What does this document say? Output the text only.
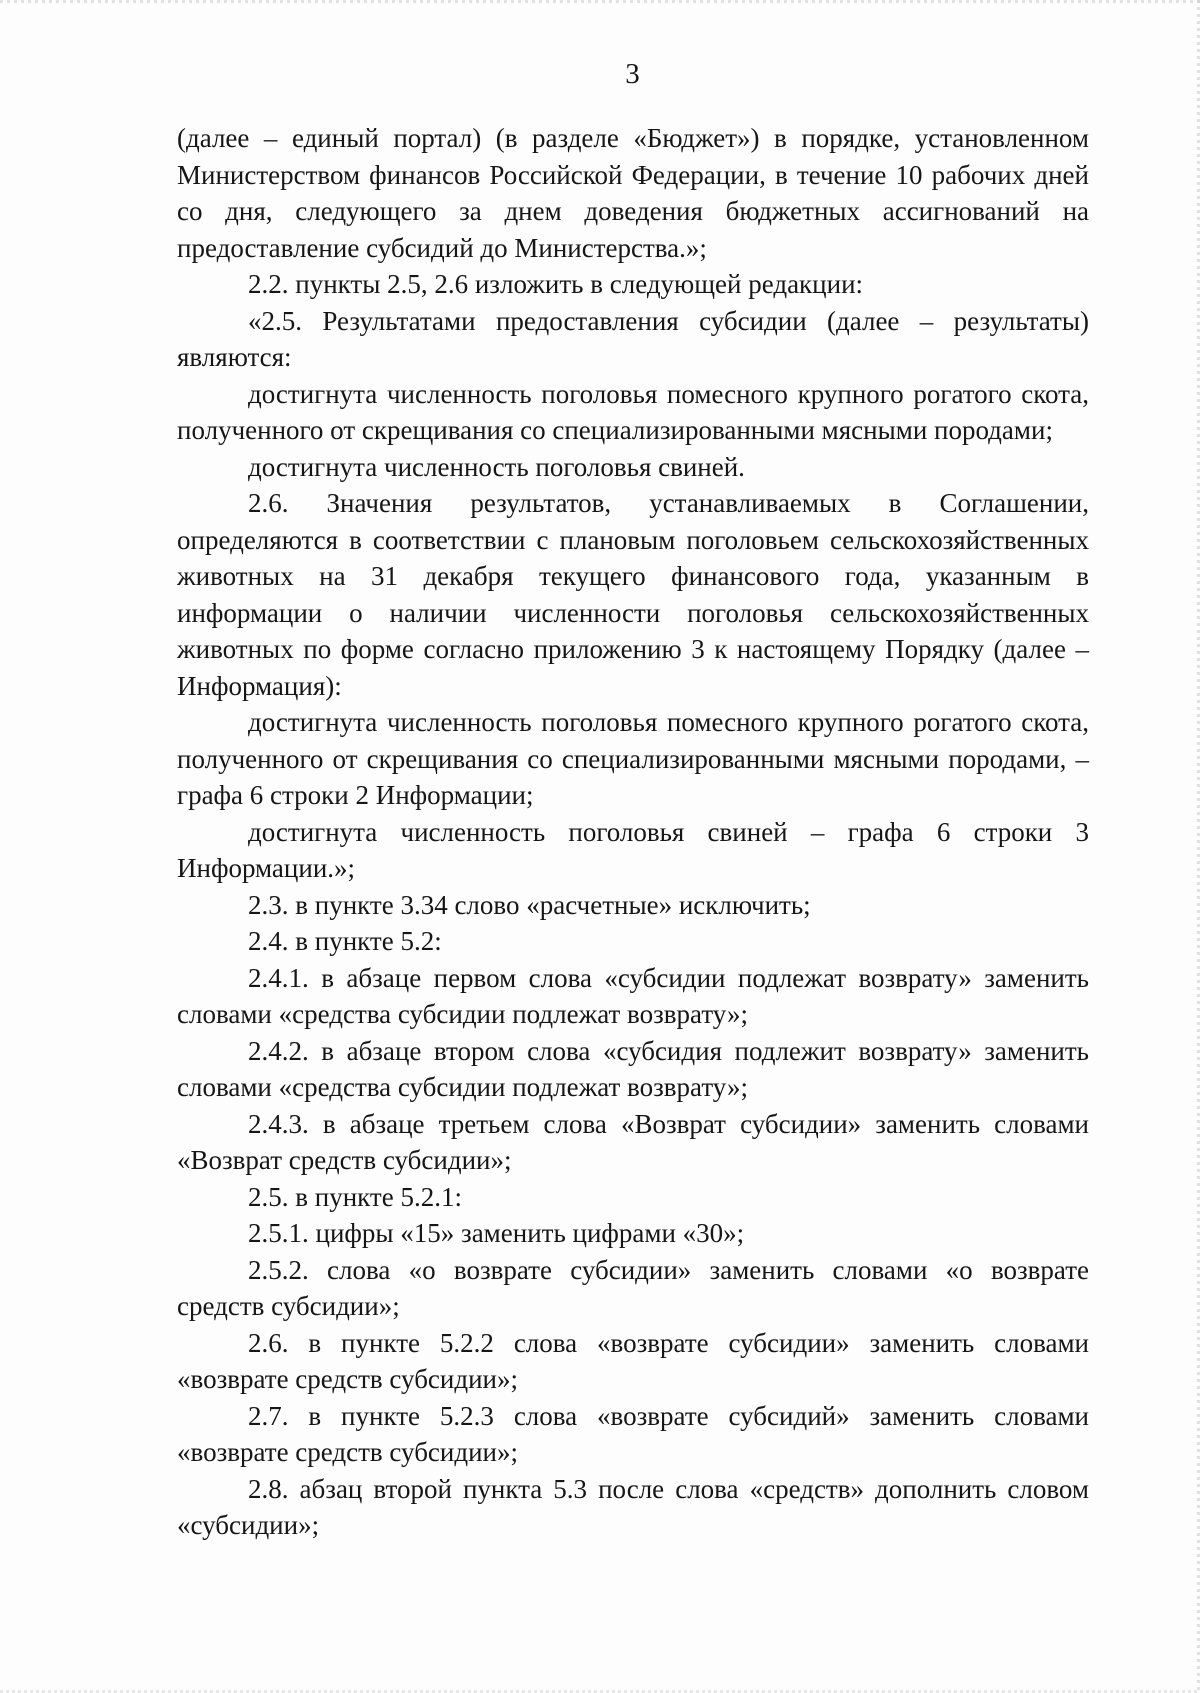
3

(далее – единый портал) (в разделе «Бюджет») в порядке, установленном Министерством финансов Российской Федерации, в течение 10 рабочих дней со дня, следующего за днем доведения бюджетных ассигнований на предоставление субсидий до Министерства.»;

2.2. пункты 2.5, 2.6 изложить в следующей редакции:

«2.5. Результатами предоставления субсидии (далее – результаты) являются:

достигнута численность поголовья помесного крупного рогатого скота, полученного от скрещивания со специализированными мясными породами;

достигнута численность поголовья свиней.

2.6. Значения результатов, устанавливаемых в Соглашении, определяются в соответствии с плановым поголовьем сельскохозяйственных животных на 31 декабря текущего финансового года, указанным в информации о наличии численности поголовья сельскохозяйственных животных по форме согласно приложению 3 к настоящему Порядку (далее – Информация):

достигнута численность поголовья помесного крупного рогатого скота, полученного от скрещивания со специализированными мясными породами, – графа 6 строки 2 Информации;

достигнута численность поголовья свиней – графа 6 строки 3 Информации.»;

2.3. в пункте 3.34 слово «расчетные» исключить;

2.4. в пункте 5.2:

2.4.1. в абзаце первом слова «субсидии подлежат возврату» заменить словами «средства субсидии подлежат возврату»;

2.4.2. в абзаце втором слова «субсидия подлежит возврату» заменить словами «средства субсидии подлежат возврату»;

2.4.3. в абзаце третьем слова «Возврат субсидии» заменить словами «Возврат средств субсидии»;

2.5. в пункте 5.2.1:

2.5.1. цифры «15» заменить цифрами «30»;

2.5.2. слова «о возврате субсидии» заменить словами «о возврате средств субсидии»;

2.6. в пункте 5.2.2 слова «возврате субсидии» заменить словами «возврате средств субсидии»;

2.7. в пункте 5.2.3 слова «возврате субсидий» заменить словами «возврате средств субсидии»;

2.8. абзац второй пункта 5.3 после слова «средств» дополнить словом «субсидии»;
